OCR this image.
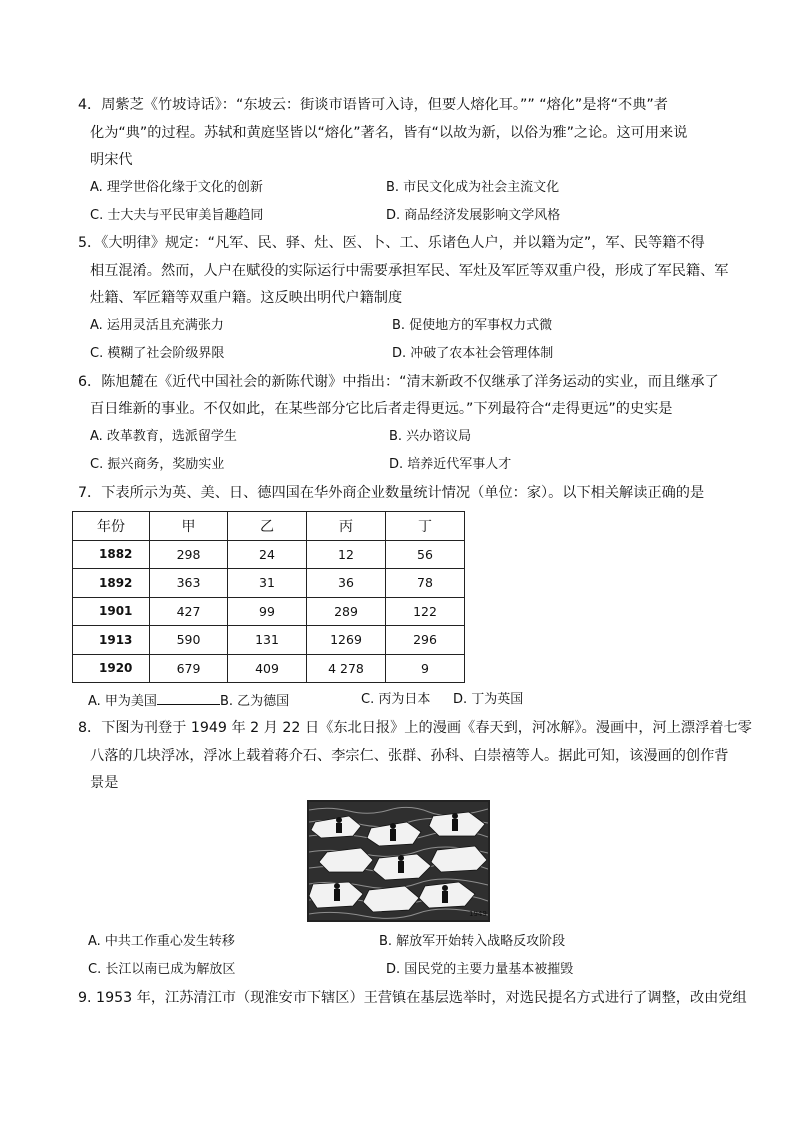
4．周紫芝《竹坡诗话》：“东坡云：街谈市语皆可入诗，但要人熔化耳。”” “熔化”是将“不典”者
化为“典”的过程。苏轼和黄庭坚皆以“熔化”著名，皆有“以故为新，以俗为雅”之论。这可用来说
明宋代
A. 理学世俗化缘于文化的创新	B. 市民文化成为社会主流文化
C. 士大夫与平民审美旨趣趋同	D. 商品经济发展影响文学风格
5．《大明律》规定：“凡军、民、驿、灶、医、卜、工、乐诸色人户，并以籍为定”，军、民等籍不得
相互混淆。然而，人户在赋役的实际运行中需要承担军民、军灶及军匠等双重户役，形成了军民籍、军
灶籍、军匠籍等双重户籍。这反映出明代户籍制度
A. 运用灵活且充满张力	B. 促使地方的军事权力式微
C. 模糊了社会阶级界限	D. 冲破了农本社会管理体制
6．陈旭麓在《近代中国社会的新陈代谢》中指出：“清末新政不仅继承了洋务运动的实业，而且继承了
百日维新的事业。不仅如此，在某些部分它比后者走得更远。”下列最符合“走得更远”的史实是
A. 改革教育，选派留学生	B. 兴办谘议局
C. 振兴商务，奖励实业	D. 培养近代军事人才
7．下表所示为英、美、日、德四国在华外商企业数量统计情况（单位：家）。以下相关解读正确的是
年份	甲	乙	丙	丁
1882	298	24	12	56
1892	363	31	36	78
1901	427	99	289	122
1913	590	131	1269	296
1920	679	409	4 278	9
A. 甲为美国	B. 乙为德国	C. 丙为日本 D. 丁为英国
8．下图为刊登于 1949 年 2 月 22 日《东北日报》上的漫画《春天到，河冰解》。漫画中，河上漂浮着七零
八落的几块浮冰，浮冰上载着蒋介石、李宗仁、张群、孙科、白崇禧等人。据此可知，该漫画的创作背
景是
1949
A. 中共工作重心发生转移	B. 解放军开始转入战略反攻阶段
C. 长江以南已成为解放区	D. 国民党的主要力量基本被摧毁
9. 1953 年，江苏清江市（现淮安市下辖区）王营镇在基层选举时，对选民提名方式进行了调整，改由党组
